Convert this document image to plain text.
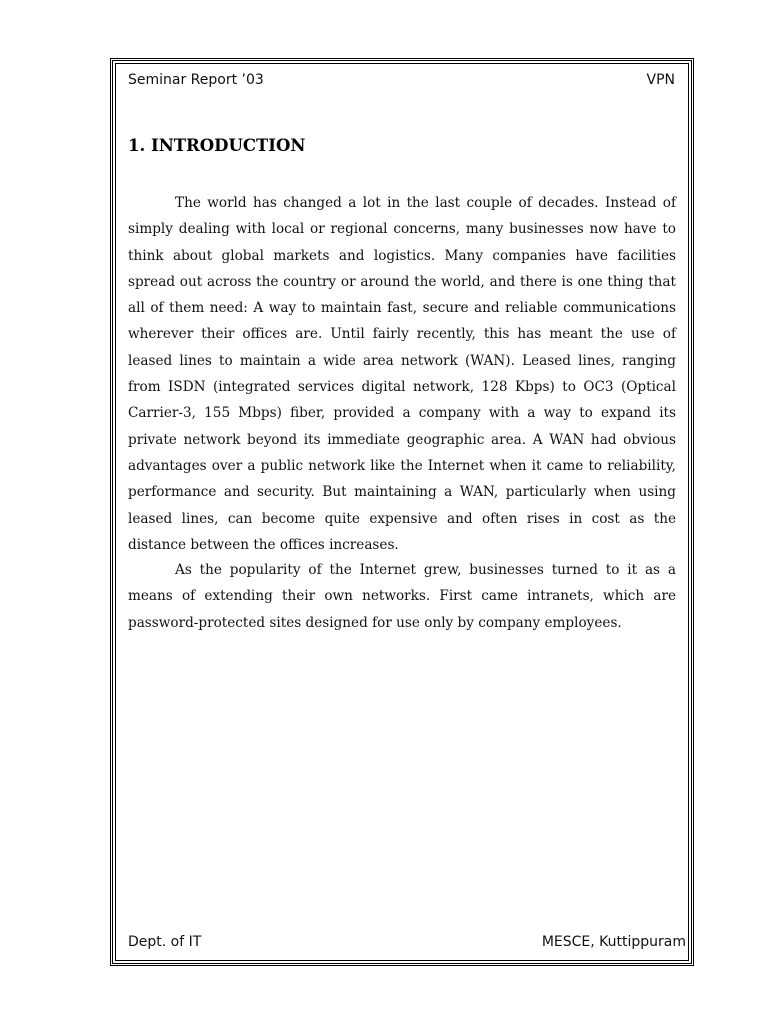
Seminar Report ’03	VPN
1. INTRODUCTION

The world has changed a lot in the last couple of decades. Instead of simply dealing with local or regional concerns, many businesses now have to think about global markets and logistics. Many companies have facilities spread out across the country or around the world, and there is one thing that all of them need: A way to maintain fast, secure and reliable communications wherever their offices are. Until fairly recently, this has meant the use of leased lines to maintain a wide area network (WAN). Leased lines, ranging from ISDN (integrated services digital network, 128 Kbps) to OC3 (Optical Carrier-3, 155 Mbps) fiber, provided a company with a way to expand its private network beyond its immediate geographic area. A WAN had obvious advantages over a public network like the Internet when it came to reliability, performance and security. But maintaining a WAN, particularly when using leased lines, can become quite expensive and often rises in cost as the distance between the offices increases.

As the popularity of the Internet grew, businesses turned to it as a means of extending their own networks. First came intranets, which are password-protected sites designed for use only by company employees.

Dept. of IT	MESCE, Kuttippuram
